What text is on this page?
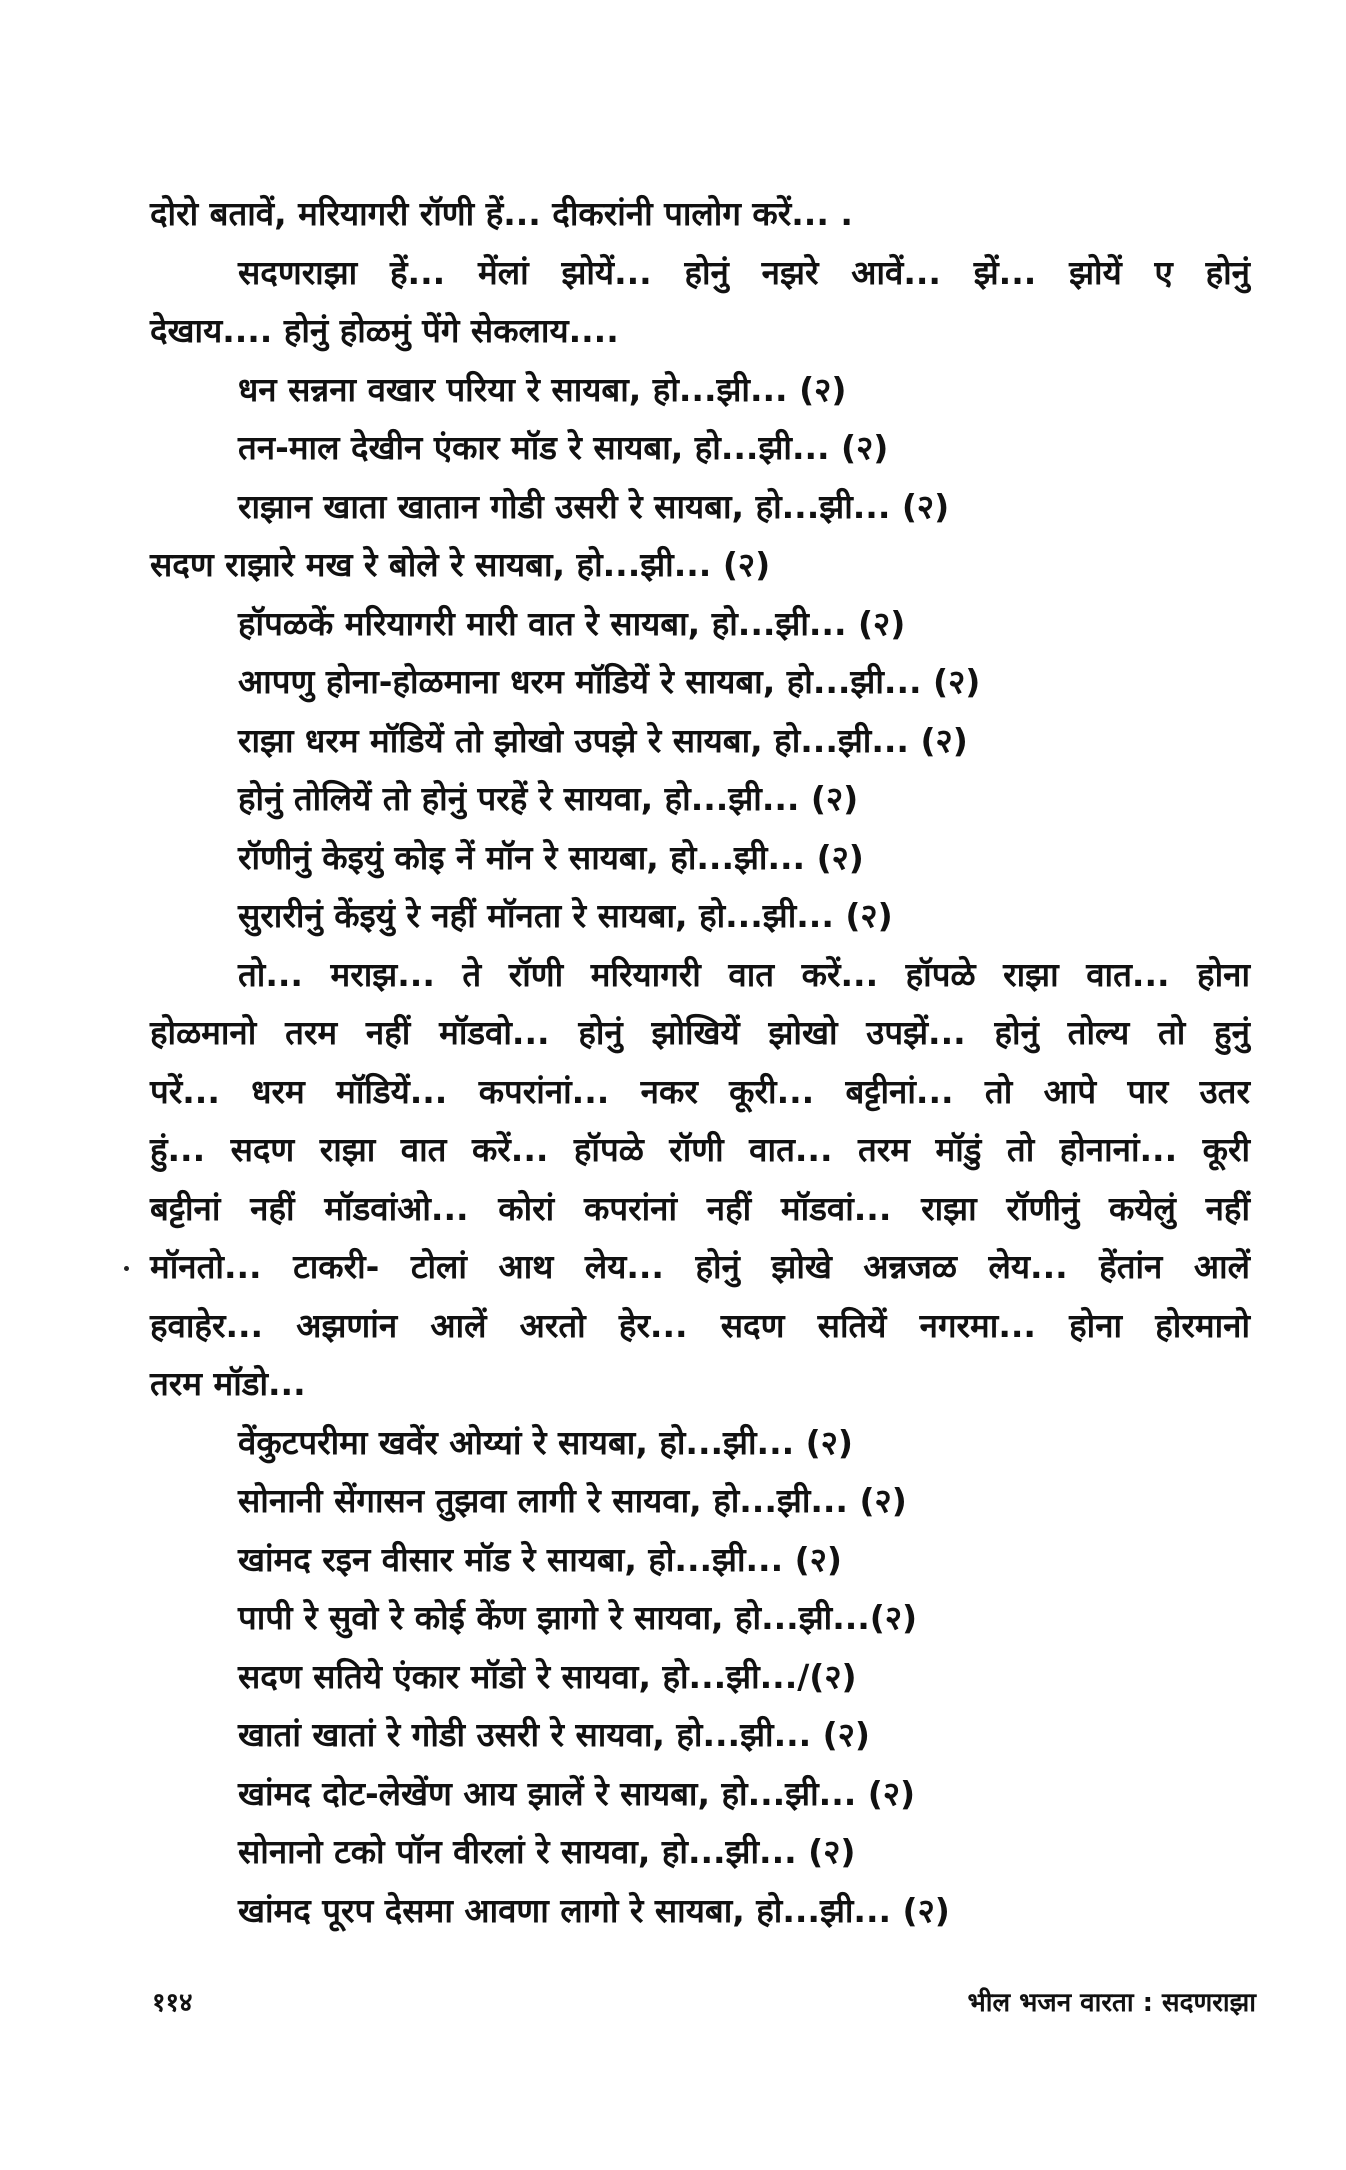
दोरो बतावें, मरियागरी रॉणी हें... दीकरांनी पालोग करें... .
सदणराझा हें... मेंलां झोयें... होनुं नझरे आवें... झें... झोयें ए होनुं
देखाय.... होनुं होळमुं पेंगे सेकलाय....
धन सन्नना वखार परिया रे सायबा, हो...झी... (२)
तन-माल देखीन एंकार मॉड रे सायबा, हो...झी... (२)
राझान खाता खातान गोडी उसरी रे सायबा, हो...झी... (२)
सदण राझारे मख रे बोले रे सायबा, हो...झी... (२)
हॉपळकें मरियागरी मारी वात रे सायबा, हो...झी... (२)
आपणु होना-होळमाना धरम मॉडियें रे सायबा, हो...झी... (२)
राझा धरम मॉडियें तो झोखो उपझे रे सायबा, हो...झी... (२)
होनुं तोलियें तो होनुं परहें रे सायवा, हो...झी... (२)
रॉणीनुं केइयुं कोइ नें मॉन रे सायबा, हो...झी... (२)
सुरारीनुं केंइयुं रे नहीं मॉनता रे सायबा, हो...झी... (२)
तो... मराझ... ते रॉणी मरियागरी वात करें... हॉपळे राझा वात... होना
होळमानो तरम नहीं मॉडवो... होनुं झोखियें झोखो उपझें... होनुं तोल्य तो हुनुं
परें... धरम मॉडियें... कपरांनां... नकर कूरी... बट्टीनां... तो आपे पार उतर
हुं... सदण राझा वात करें... हॉपळे रॉणी वात... तरम मॉडुं तो होनानां... कूरी
बट्टीनां नहीं मॉडवांओ... कोरां कपरांनां नहीं मॉडवां... राझा रॉणीनुं कयेलुं नहीं
मॉनतो... टाकरी- टोलां आथ लेय... होनुं झोखे अन्नजळ लेय... हेंतांन आलें
हवाहेर... अझणांन आलें अरतो हेर... सदण सतियें नगरमा... होना होरमानो
तरम मॉडो...
वेंकुटपरीमा खवेंर ओय्यां रे सायबा, हो...झी... (२)
सोनानी सेंगासन तुझवा लागी रे सायवा, हो...झी... (२)
खांमद रइन वीसार मॉड रे सायबा, हो...झी... (२)
पापी रे सुवो रे कोई केंण झागो रे सायवा, हो...झी...(२)
सदण सतिये एंकार मॉडो रे सायवा, हो...झी.../(२)
खातां खातां रे गोडी उसरी रे सायवा, हो...झी... (२)
खांमद दोट-लेखेंण आय झालें रे सायबा, हो...झी... (२)
सोनानो टको पॉन वीरलां रे सायवा, हो...झी... (२)
खांमद पूरप देसमा आवणा लागो रे सायबा, हो...झी... (२)
११४	भील भजन वारता : सदणराझा
